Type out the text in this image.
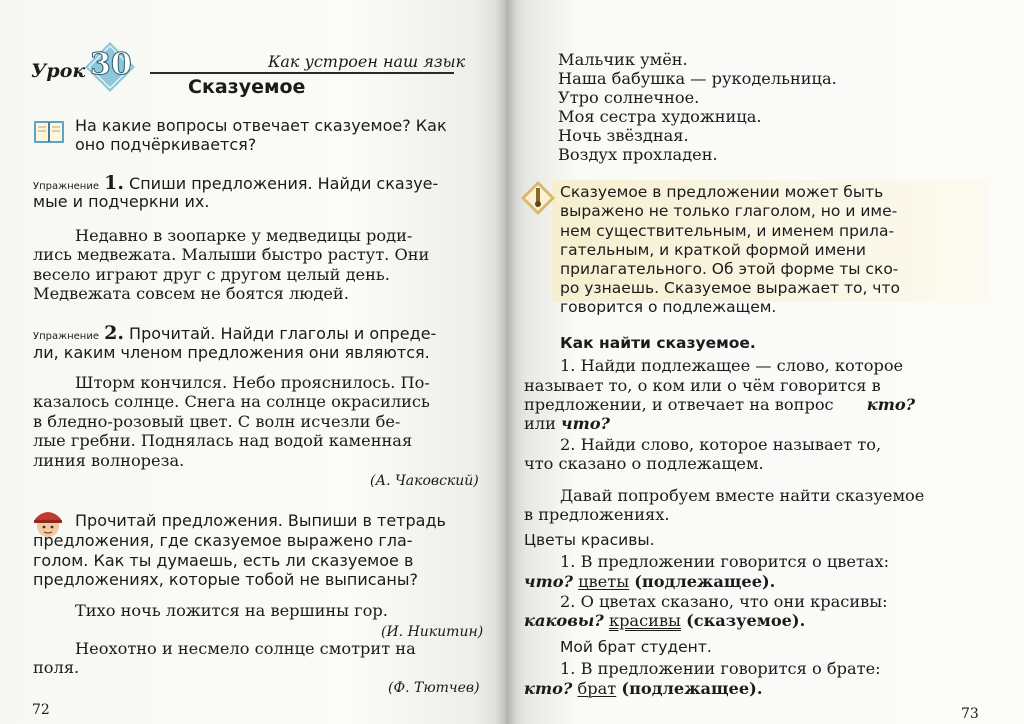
Урок 30	Как устроен наш язык
Сказуемое
На какие вопросы отвечает сказуемое? Как
оно подчёркивается?
Упражнение 1. Спиши предложения. Найди сказуе-
мые и подчеркни их.
Недавно в зоопарке у медведицы роди-
лись медвежата. Малыши быстро растут. Они
весело играют друг с другом целый день.
Медвежата совсем не боятся людей.
Упражнение 2. Прочитай. Найди глаголы и опреде-
ли, каким членом предложения они являются.
Шторм кончился. Небо прояснилось. По-
казалось солнце. Снега на солнце окрасились
в бледно-розовый цвет. С волн исчезли бе-
лые гребни. Поднялась над водой каменная
линия волнореза.
(А. Чаковский)
Прочитай предложения. Выпиши в тетрадь
предложения, где сказуемое выражено гла-
голом. Как ты думаешь, есть ли сказуемое в
предложениях, которые тобой не выписаны?
Тихо ночь ложится на вершины гор.
(И. Никитин)
Неохотно и несмело солнце смотрит на
поля.
(Ф. Тютчев)
72
Мальчик умён.
Наша бабушка — рукодельница.
Утро солнечное.
Моя сестра художница.
Ночь звёздная.
Воздух прохладен.
Сказуемое в предложении может быть
выражено не только глаголом, но и име-
нем существительным, и именем прила-
гательным, и краткой формой имени
прилагательного. Об этой форме ты ско-
ро узнаешь. Сказуемое выражает то, что
говорится о подлежащем.
Как найти сказуемое.
1. Найди подлежащее — слово, которое
называет то, о ком или о чём говорится в
предложении, и отвечает на вопрос кто?
или что?
2. Найди слово, которое называет то,
что сказано о подлежащем.
Давай попробуем вместе найти сказуемое
в предложениях.
Цветы красивы.
1. В предложении говорится о цветах:
что? цветы (подлежащее).
2. О цветах сказано, что они красивы:
каковы? красивы (сказуемое).
Мой брат студент.
1. В предложении говорится о брате:
кто? брат (подлежащее).
73
